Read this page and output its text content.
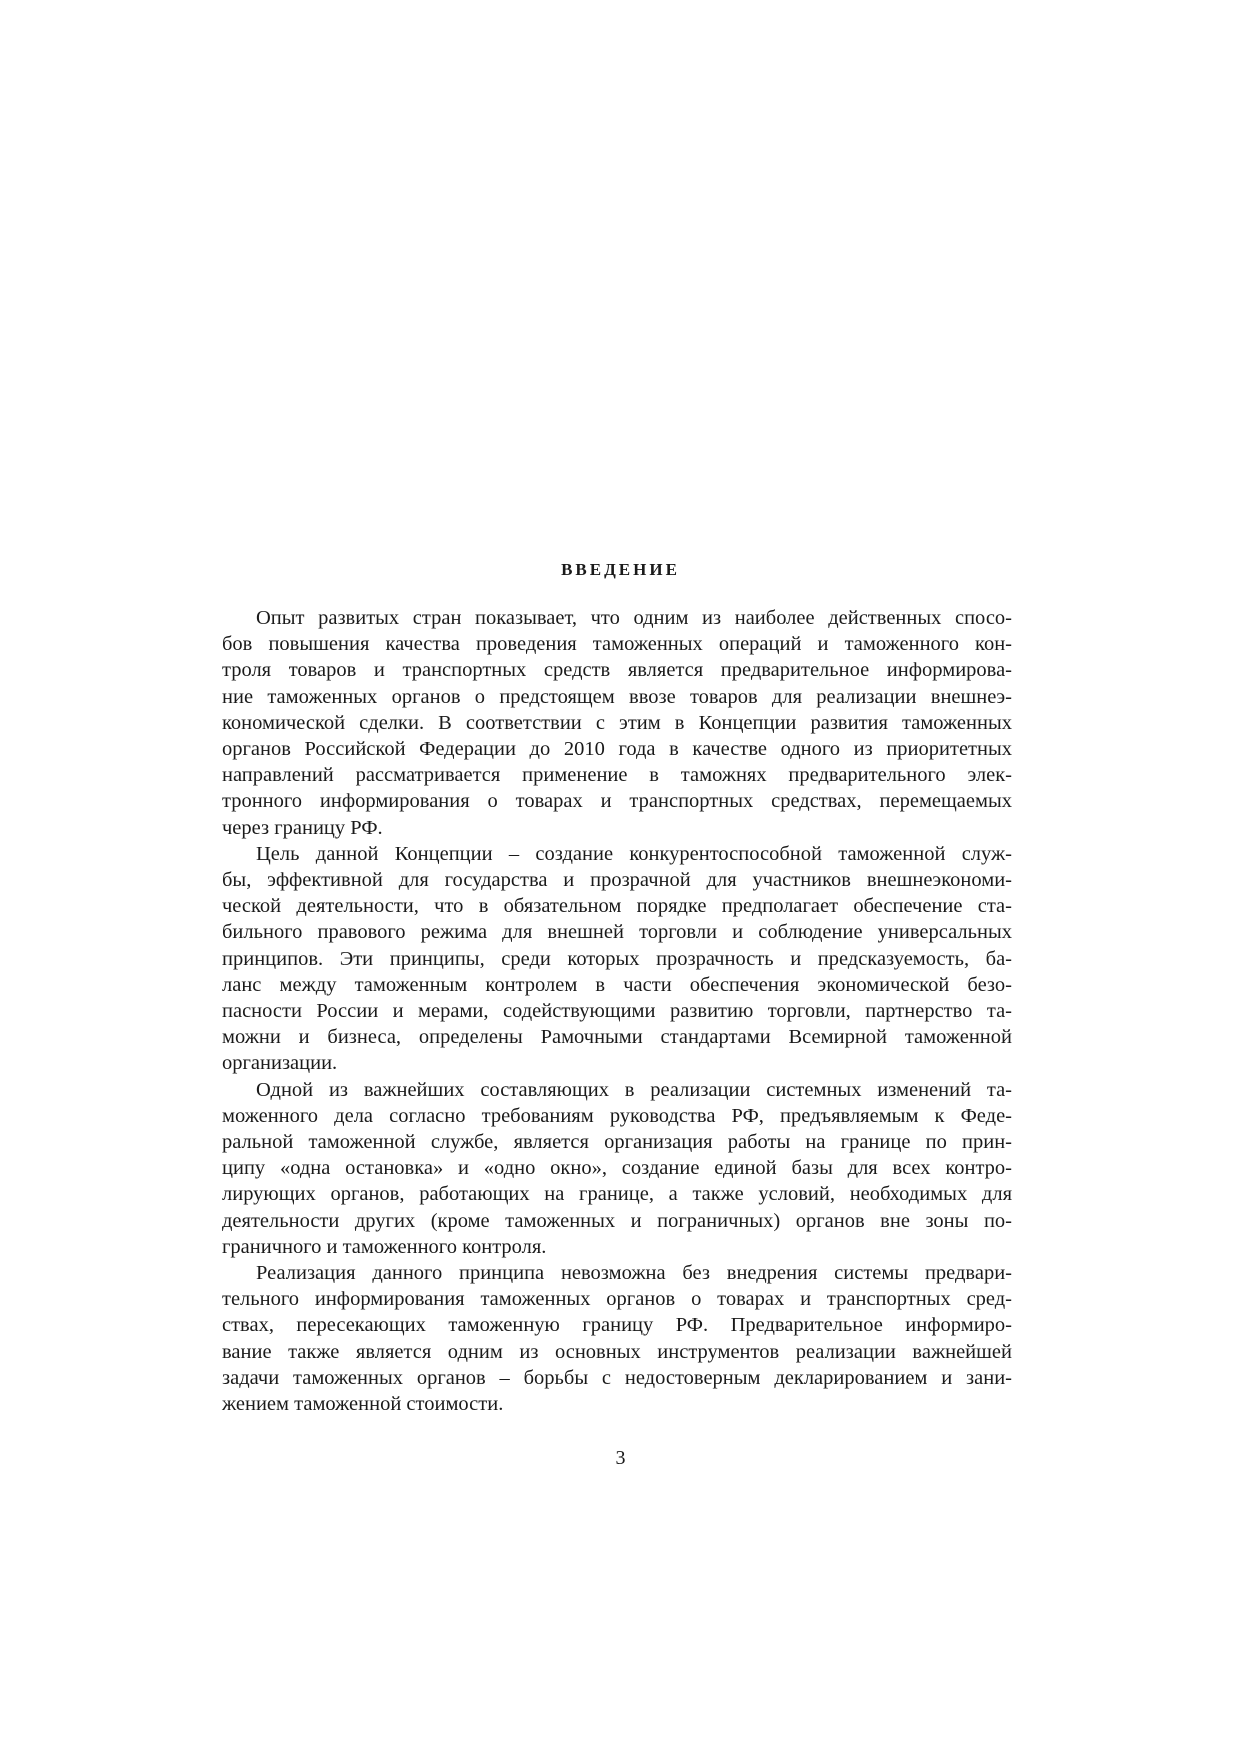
ВВЕДЕНИЕ

Опыт развитых стран показывает, что одним из наиболее действенных спосо-
бов повышения качества проведения таможенных операций и таможенного кон-
троля товаров и транспортных средств является предварительное информирова-
ние таможенных органов о предстоящем ввозе товаров для реализации внешнеэ-
кономической сделки. В соответствии с этим в Концепции развития таможенных
органов Российской Федерации до 2010 года в качестве одного из приоритетных
направлений рассматривается применение в таможнях предварительного элек-
тронного информирования о товарах и транспортных средствах, перемещаемых
через границу РФ.

Цель данной Концепции – создание конкурентоспособной таможенной служ-
бы, эффективной для государства и прозрачной для участников внешнеэкономи-
ческой деятельности, что в обязательном порядке предполагает обеспечение ста-
бильного правового режима для внешней торговли и соблюдение универсальных
принципов. Эти принципы, среди которых прозрачность и предсказуемость, ба-
ланс между таможенным контролем в части обеспечения экономической безо-
пасности России и мерами, содействующими развитию торговли, партнерство та-
можни и бизнеса, определены Рамочными стандартами Всемирной таможенной
организации.

Одной из важнейших составляющих в реализации системных изменений та-
моженного дела согласно требованиям руководства РФ, предъявляемым к Феде-
ральной таможенной службе, является организация работы на границе по прин-
ципу «одна остановка» и «одно окно», создание единой базы для всех контро-
лирующих органов, работающих на границе, а также условий, необходимых для
деятельности других (кроме таможенных и пограничных) органов вне зоны по-
граничного и таможенного контроля.

Реализация данного принципа невозможна без внедрения системы предвари-
тельного информирования таможенных органов о товарах и транспортных сред-
ствах, пересекающих таможенную границу РФ. Предварительное информиро-
вание также является одним из основных инструментов реализации важнейшей
задачи таможенных органов – борьбы с недостоверным декларированием и зани-
жением таможенной стоимости.

3
